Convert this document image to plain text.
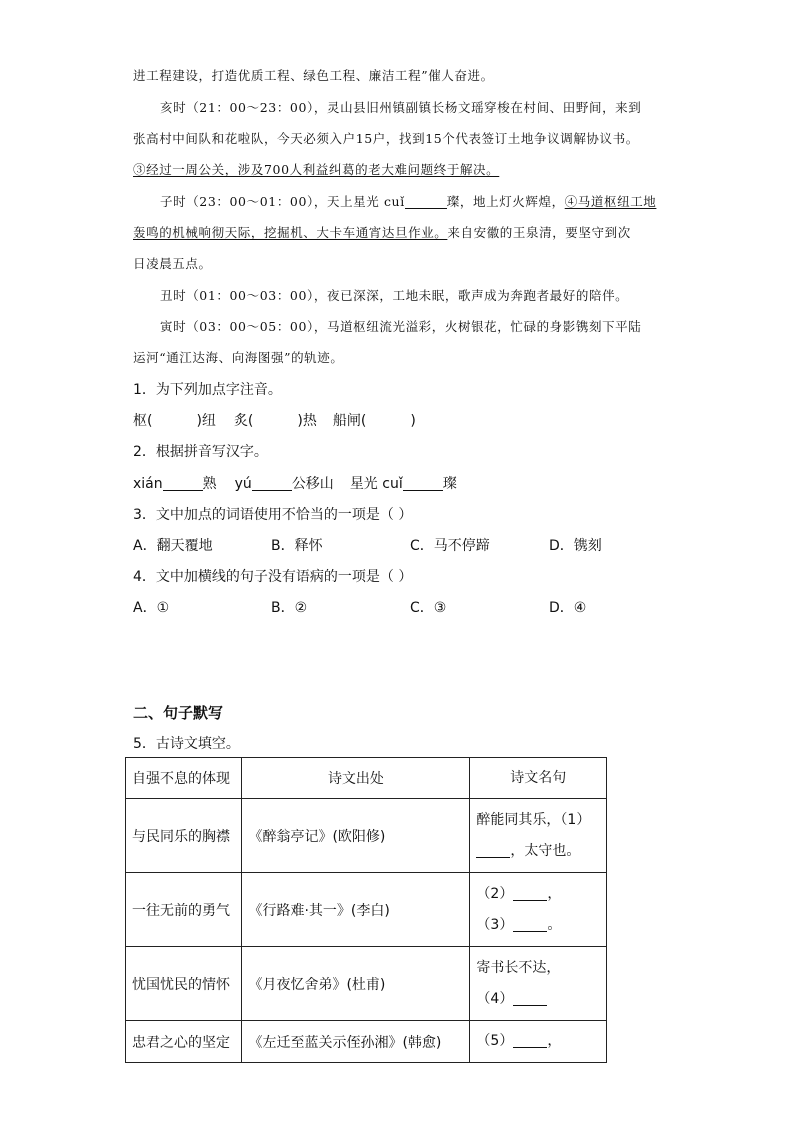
进工程建设，打造优质工程、绿色工程、廉洁工程”催人奋进。
亥时（21：00～23：00），灵山县旧州镇副镇长杨文瑶穿梭在村间、田野间，来到
张高村中间队和花啦队，今天必须入户15户，找到15个代表签订土地争议调解协议书。
③经过一周公关，涉及700人利益纠葛的老大难问题终于解决。
子时（23：00～01：00），天上星光 cuǐ	璨，地上灯火辉煌，④马道枢纽工地
轰鸣的机械响彻天际，挖掘机、大卡车通宵达旦作业。来自安徽的王泉清，要坚守到次
日凌晨五点。
丑时（01：00～03：00），夜已深深，工地未眠，歌声成为奔跑者最好的陪伴。
寅时（03：00～05：00），马道枢纽流光溢彩，火树银花，忙碌的身影镌刻下平陆
运河“通江达海、向海图强”的轨迹。
1．为下列加点字注音。
枢(	)纽 炙(	)热 船闸(	)
2．根据拼音写汉字。
xián	熟 yú	公移山 星光 cuǐ	璨
3．文中加点的词语使用不恰当的一项是（ ）
A．翻天覆地	B．释怀	C．马不停蹄	D．镌刻
4．文中加横线的句子没有语病的一项是（ ）
A．①	B．②	C．③	D．④
二、句子默写
5．古诗文填空。
自强不息的体现	诗文出处	诗文名句
与民同乐的胸襟	《醉翁亭记》(欧阳修)	醉能同其乐，（1）
，太守也。

一往无前的勇气	《行路难·其一》(李白)	（2） ，
（3） 。

忧国忧民的情怀	《月夜忆舍弟》(杜甫)	寄书长不达，
（4）

忠君之心的坚定	《左迁至蓝关示侄孙湘》(韩愈)	（5） ，
